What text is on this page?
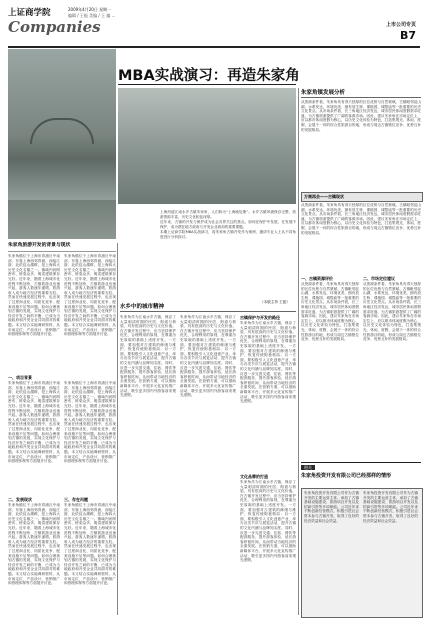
上证商学院	2009年4月20日 星期一
编辑 / 王振 美编 / 王 编 ...
上市公司专页
B7
Companies
MBA实战演习：再造朱家角

上海河道江南水乡古镇朱家角，人们称为“上海威尼斯”。水乡古镇风貌保存完整，旅游资源丰富，历史文化积淀深厚。

近年来，古镇的开发与保护成为社会各界关注的焦点。如何在保护中发展，在发展中保护，成为摆在地方政府与开发企业面前的重要课题。

本期上证商学院MBA实战演习，将朱家角古镇开发作为案例，邀请专业人士从不同角度进行分析探讨。

（本版主持 王振）
朱家角旅游开发的背景与现状
朱家角镇位于上海市青浦区中南部，东靠上海西郊青浦，西接江浙，北依淀山湖畔，是上海四大历史文化名镇之一。镇域内河网密布，桥梁众多，明清建筑保存完好。近年来，随着上海城市化进程不断加快，古镇旅游业迅速兴起，游客人数逐年递增，旅游收入成为地方经济的重要支柱。然而在快速发展过程中，也出现了过度商业化、同质化竞争、配套设施不足等问题。如何合理规划古镇的发展，实现文化保护与经济开发之间的平衡，已成为当地政府和开发企业共同面对的难题。本文结合实地调研资料，从市场定位、产品设计、营销推广和管理体制等方面展开讨论。
朱家角镇位于上海市青浦区中南部，东靠上海西郊青浦，西接江浙，北依淀山湖畔，是上海四大历史文化名镇之一。镇域内河网密布，桥梁众多，明清建筑保存完好。近年来，随着上海城市化进程不断加快，古镇旅游业迅速兴起，游客人数逐年递增，旅游收入成为地方经济的重要支柱。然而在快速发展过程中，也出现了过度商业化、同质化竞争、配套设施不足等问题。如何合理规划古镇的发展，实现文化保护与经济开发之间的平衡，已成为当地政府和开发企业共同面对的难题。本文结合实地调研资料，从市场定位、产品设计、营销推广和管理体制等方面展开讨论。
一、项目背景
朱家角镇位于上海市青浦区中南部，东靠上海西郊青浦，西接江浙，北依淀山湖畔，是上海四大历史文化名镇之一。镇域内河网密布，桥梁众多，明清建筑保存完好。近年来，随着上海城市化进程不断加快，古镇旅游业迅速兴起，游客人数逐年递增，旅游收入成为地方经济的重要支柱。然而在快速发展过程中，也出现了过度商业化、同质化竞争、配套设施不足等问题。如何合理规划古镇的发展，实现文化保护与经济开发之间的平衡，已成为当地政府和开发企业共同面对的难题。本文结合实地调研资料，从市场定位、产品设计、营销推广和管理体制等方面展开讨论。
朱家角镇位于上海市青浦区中南部，东靠上海西郊青浦，西接江浙，北依淀山湖畔，是上海四大历史文化名镇之一。镇域内河网密布，桥梁众多，明清建筑保存完好。近年来，随着上海城市化进程不断加快，古镇旅游业迅速兴起，游客人数逐年递增，旅游收入成为地方经济的重要支柱。然而在快速发展过程中，也出现了过度商业化、同质化竞争、配套设施不足等问题。如何合理规划古镇的发展，实现文化保护与经济开发之间的平衡，已成为当地政府和开发企业共同面对的难题。本文结合实地调研资料，从市场定位、产品设计、营销推广和管理体制等方面展开讨论。
二、发展现状
朱家角镇位于上海市青浦区中南部，东靠上海西郊青浦，西接江浙，北依淀山湖畔，是上海四大历史文化名镇之一。镇域内河网密布，桥梁众多，明清建筑保存完好。近年来，随着上海城市化进程不断加快，古镇旅游业迅速兴起，游客人数逐年递增，旅游收入成为地方经济的重要支柱。然而在快速发展过程中，也出现了过度商业化、同质化竞争、配套设施不足等问题。如何合理规划古镇的发展，实现文化保护与经济开发之间的平衡，已成为当地政府和开发企业共同面对的难题。本文结合实地调研资料，从市场定位、产品设计、营销推广和管理体制等方面展开讨论。
三、存在问题
朱家角镇位于上海市青浦区中南部，东靠上海西郊青浦，西接江浙，北依淀山湖畔，是上海四大历史文化名镇之一。镇域内河网密布，桥梁众多，明清建筑保存完好。近年来，随着上海城市化进程不断加快，古镇旅游业迅速兴起，游客人数逐年递增，旅游收入成为地方经济的重要支柱。然而在快速发展过程中，也出现了过度商业化、同质化竞争、配套设施不足等问题。如何合理规划古镇的发展，实现文化保护与经济开发之间的平衡，已成为当地政府和开发企业共同面对的难题。本文结合实地调研资料，从市场定位、产品设计、营销推广和管理体制等方面展开讨论。
水乡中的城市精神
朱家角作为江南水乡古镇，保存了大量明清时期的民居、街道与桥梁，具有很高的历史与文化价值。在古镇开发过程中，应当坚持保护优先、合理利用的原则，在尊重历史原貌的基础上适度开发。一方面，要加强对古建筑的修缮与维护，恢复传统街巷格局；另一方面，要积极引入文化创意产业，举办各类节庆与展览活动，提升古镇的文化内涵与品牌知名度。同时，应进一步完善交通、住宿、餐饮等配套服务，提升游客体验，延长游客停留时间，从而带动当地经济的全面发展。在营销方面，可以借助新媒体平台，开展多元化宣传推广活动，吸引更多国内外游客前来观光度假。
朱家角作为江南水乡古镇，保存了大量明清时期的民居、街道与桥梁，具有很高的历史与文化价值。在古镇开发过程中，应当坚持保护优先、合理利用的原则，在尊重历史原貌的基础上适度开发。一方面，要加强对古建筑的修缮与维护，恢复传统街巷格局；另一方面，要积极引入文化创意产业，举办各类节庆与展览活动，提升古镇的文化内涵与品牌知名度。同时，应进一步完善交通、住宿、餐饮等配套服务，提升游客体验，延长游客停留时间，从而带动当地经济的全面发展。在营销方面，可以借助新媒体平台，开展多元化宣传推广活动，吸引更多国内外游客前来观光度假。
古镇保护与开发的路径
朱家角作为江南水乡古镇，保存了大量明清时期的民居、街道与桥梁，具有很高的历史与文化价值。在古镇开发过程中，应当坚持保护优先、合理利用的原则，在尊重历史原貌的基础上适度开发。一方面，要加强对古建筑的修缮与维护，恢复传统街巷格局；另一方面，要积极引入文化创意产业，举办各类节庆与展览活动，提升古镇的文化内涵与品牌知名度。同时，应进一步完善交通、住宿、餐饮等配套服务，提升游客体验，延长游客停留时间，从而带动当地经济的全面发展。在营销方面，可以借助新媒体平台，开展多元化宣传推广活动，吸引更多国内外游客前来观光度假。
文化品牌的打造
朱家角作为江南水乡古镇，保存了大量明清时期的民居、街道与桥梁，具有很高的历史与文化价值。在古镇开发过程中，应当坚持保护优先、合理利用的原则，在尊重历史原貌的基础上适度开发。一方面，要加强对古建筑的修缮与维护，恢复传统街巷格局；另一方面，要积极引入文化创意产业，举办各类节庆与展览活动，提升古镇的文化内涵与品牌知名度。同时，应进一步完善交通、住宿、餐饮等配套服务，提升游客体验，延长游客停留时间，从而带动当地经济的全面发展。在营销方面，可以借助新媒体平台，开展多元化宣传推广活动，吸引更多国内外游客前来观光度假。
朱家角镇发展分析
从资源条件看，朱家角具有得天独厚的区位优势与自然禀赋。古镇毗邻淀山湖，水系发达，环境优美，拥有放生桥、课植园、城隍庙等一批重要的历史文化景点。从市场条件看，长三角地区经济发达，城市居民休闲度假需求旺盛，为古镇旅游提供了广阔的客源市场。因此，建议朱家角在市场定位上，应以都市休闲度假为核心，以历史文化体验为特色，打造集观光、休闲、度假、会展于一体的综合性旅游目的地，形成与周边古镇错位竞争、优势互补的发展格局。
万商再会——古镇现状
从资源条件看，朱家角具有得天独厚的区位优势与自然禀赋。古镇毗邻淀山湖，水系发达，环境优美，拥有放生桥、课植园、城隍庙等一批重要的历史文化景点。从市场条件看，长三角地区经济发达，城市居民休闲度假需求旺盛，为古镇旅游提供了广阔的客源市场。因此，建议朱家角在市场定位上，应以都市休闲度假为核心，以历史文化体验为特色，打造集观光、休闲、度假、会展于一体的综合性旅游目的地，形成与周边古镇错位竞争、优势互补的发展格局。
一、古镇资源评价
从资源条件看，朱家角具有得天独厚的区位优势与自然禀赋。古镇毗邻淀山湖，水系发达，环境优美，拥有放生桥、课植园、城隍庙等一批重要的历史文化景点。从市场条件看，长三角地区经济发达，城市居民休闲度假需求旺盛，为古镇旅游提供了广阔的客源市场。因此，建议朱家角在市场定位上，应以都市休闲度假为核心，以历史文化体验为特色，打造集观光、休闲、度假、会展于一体的综合性旅游目的地，形成与周边古镇错位竞争、优势互补的发展格局。
二、市场定位建议
从资源条件看，朱家角具有得天独厚的区位优势与自然禀赋。古镇毗邻淀山湖，水系发达，环境优美，拥有放生桥、课植园、城隍庙等一批重要的历史文化景点。从市场条件看，长三角地区经济发达，城市居民休闲度假需求旺盛，为古镇旅游提供了广阔的客源市场。因此，建议朱家角在市场定位上，应以都市休闲度假为核心，以历史文化体验为特色，打造集观光、休闲、度假、会展于一体的综合性旅游目的地，形成与周边古镇错位竞争、优势互补的发展格局。
相关
朱家角投资开发有限公司已经那样的情形
朱家角投资开发有限公司作为古镇开发的主要运营主体，承担了古镇基础设施建设、旅游项目开发以及招商引资等多项职能。公司近年来不断创新经营模式，积极引进社会资本参与古镇开发，取得了良好的经济效益和社会效益。
朱家角投资开发有限公司作为古镇开发的主要运营主体，承担了古镇基础设施建设、旅游项目开发以及招商引资等多项职能。公司近年来不断创新经营模式，积极引进社会资本参与古镇开发，取得了良好的经济效益和社会效益。
